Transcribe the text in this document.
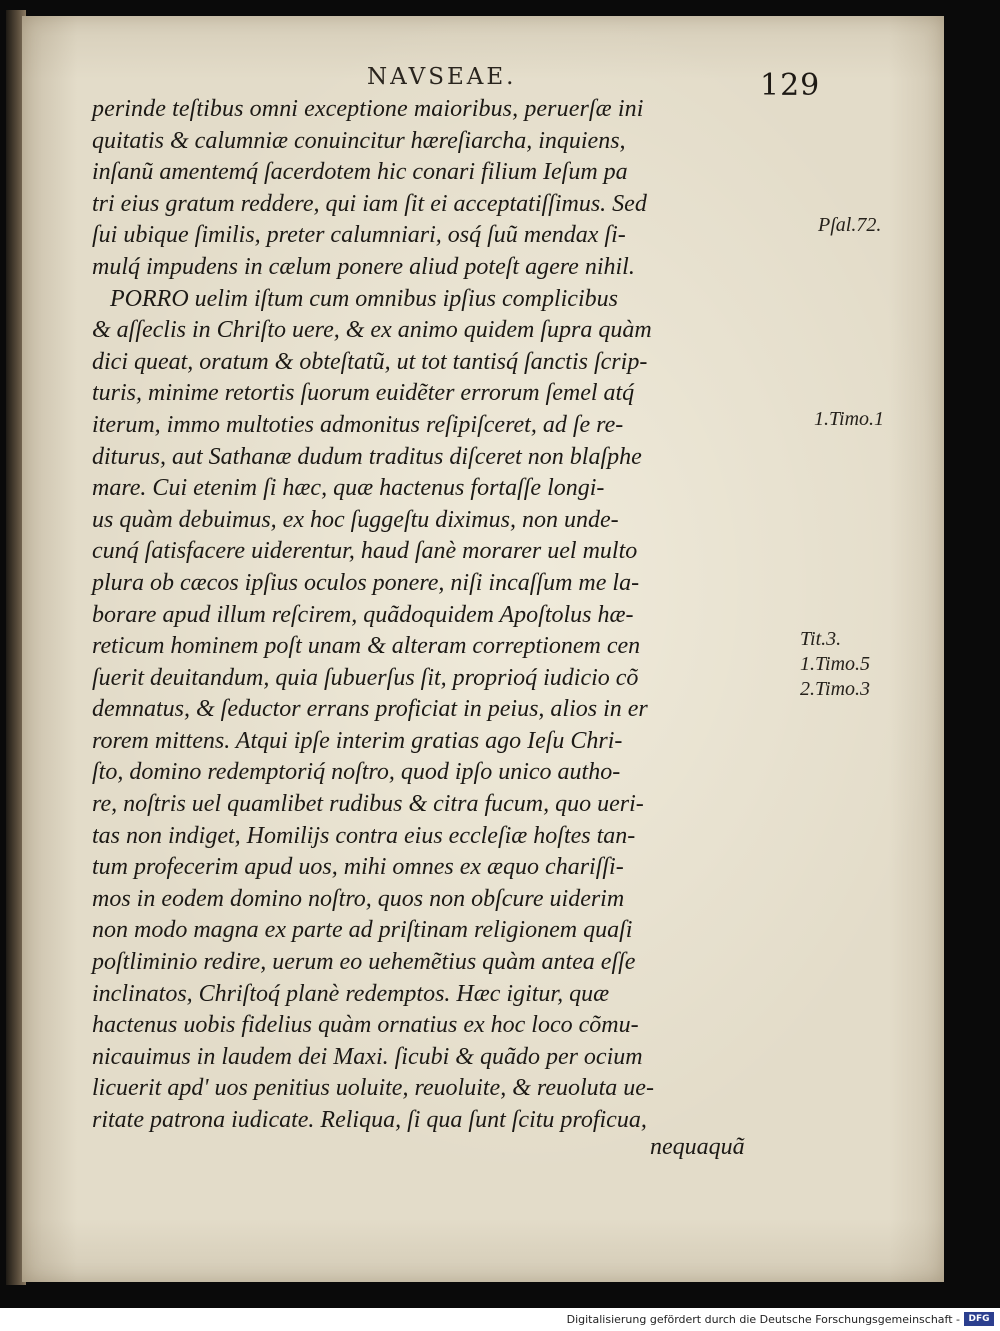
NAVSEAE.	129
perinde teſtibus omni exceptione maioribus, peruerſæ ini
quitatis & calumniæ conuincitur hæreſiarcha, inquiens,
inſanũ amentemq́ ſacerdotem hic conari filium Ieſum pa
tri eius gratum reddere, qui iam ſit ei acceptatiſſimus. Sed
ſui ubique ſimilis, preter calumniari, osq́ ſuũ mendax ſi-
mulq́ impudens in cælum ponere aliud poteſt agere nihil.
PORRO uelim iſtum cum omnibus ipſius complicibus
& aſſeclis in Chriſto uere, & ex animo quidem ſupra quàm
dici queat, oratum & obteſtatũ, ut tot tantisq́ ſanctis ſcrip-
turis, minime retortis ſuorum euidẽter errorum ſemel atq́
iterum, immo multoties admonitus reſipiſceret, ad ſe re-
diturus, aut Sathanæ dudum traditus diſceret non blaſphe
mare. Cui etenim ſi hæc, quæ hactenus fortaſſe longi-
us quàm debuimus, ex hoc ſuggeſtu diximus, non unde-
cunq́ ſatisfacere uiderentur, haud ſanè morarer uel multo
plura ob cæcos ipſius oculos ponere, niſi incaſſum me la-
borare apud illum reſcirem, quãdoquidem Apoſtolus hæ-
reticum hominem poſt unam & alteram correptionem cen
ſuerit deuitandum, quia ſubuerſus ſit, proprioq́ iudicio cõ
demnatus, & ſeductor errans proficiat in peius, alios in er
rorem mittens. Atqui ipſe interim gratias ago Ieſu Chri-
ſto, domino redemptoriq́ noſtro, quod ipſo unico autho-
re, noſtris uel quamlibet rudibus & citra fucum, quo ueri-
tas non indiget, Homilijs contra eius eccleſiæ hoſtes tan-
tum profecerim apud uos, mihi omnes ex æquo chariſſi-
mos in eodem domino noſtro, quos non obſcure uiderim
non modo magna ex parte ad priſtinam religionem quaſi
poſtliminio redire, uerum eo uehemẽtius quàm antea eſſe
inclinatos, Chriſtoq́ planè redemptos. Hæc igitur, quæ
hactenus uobis fidelius quàm ornatius ex hoc loco cõmu-
nicauimus in laudem dei Maxi. ſicubi & quãdo per ocium
licuerit apd' uos penitius uoluite, reuoluite, & reuoluta ue-
ritate patrona iudicate. Reliqua, ſi qua ſunt ſcitu proficua,
nequaquã
Pſal.72.
1.Timo.1
Tit.3.
1.Timo.5
2.Timo.3
Digitalisierung gefördert durch die Deutsche Forschungsgemeinschaft - DFG
